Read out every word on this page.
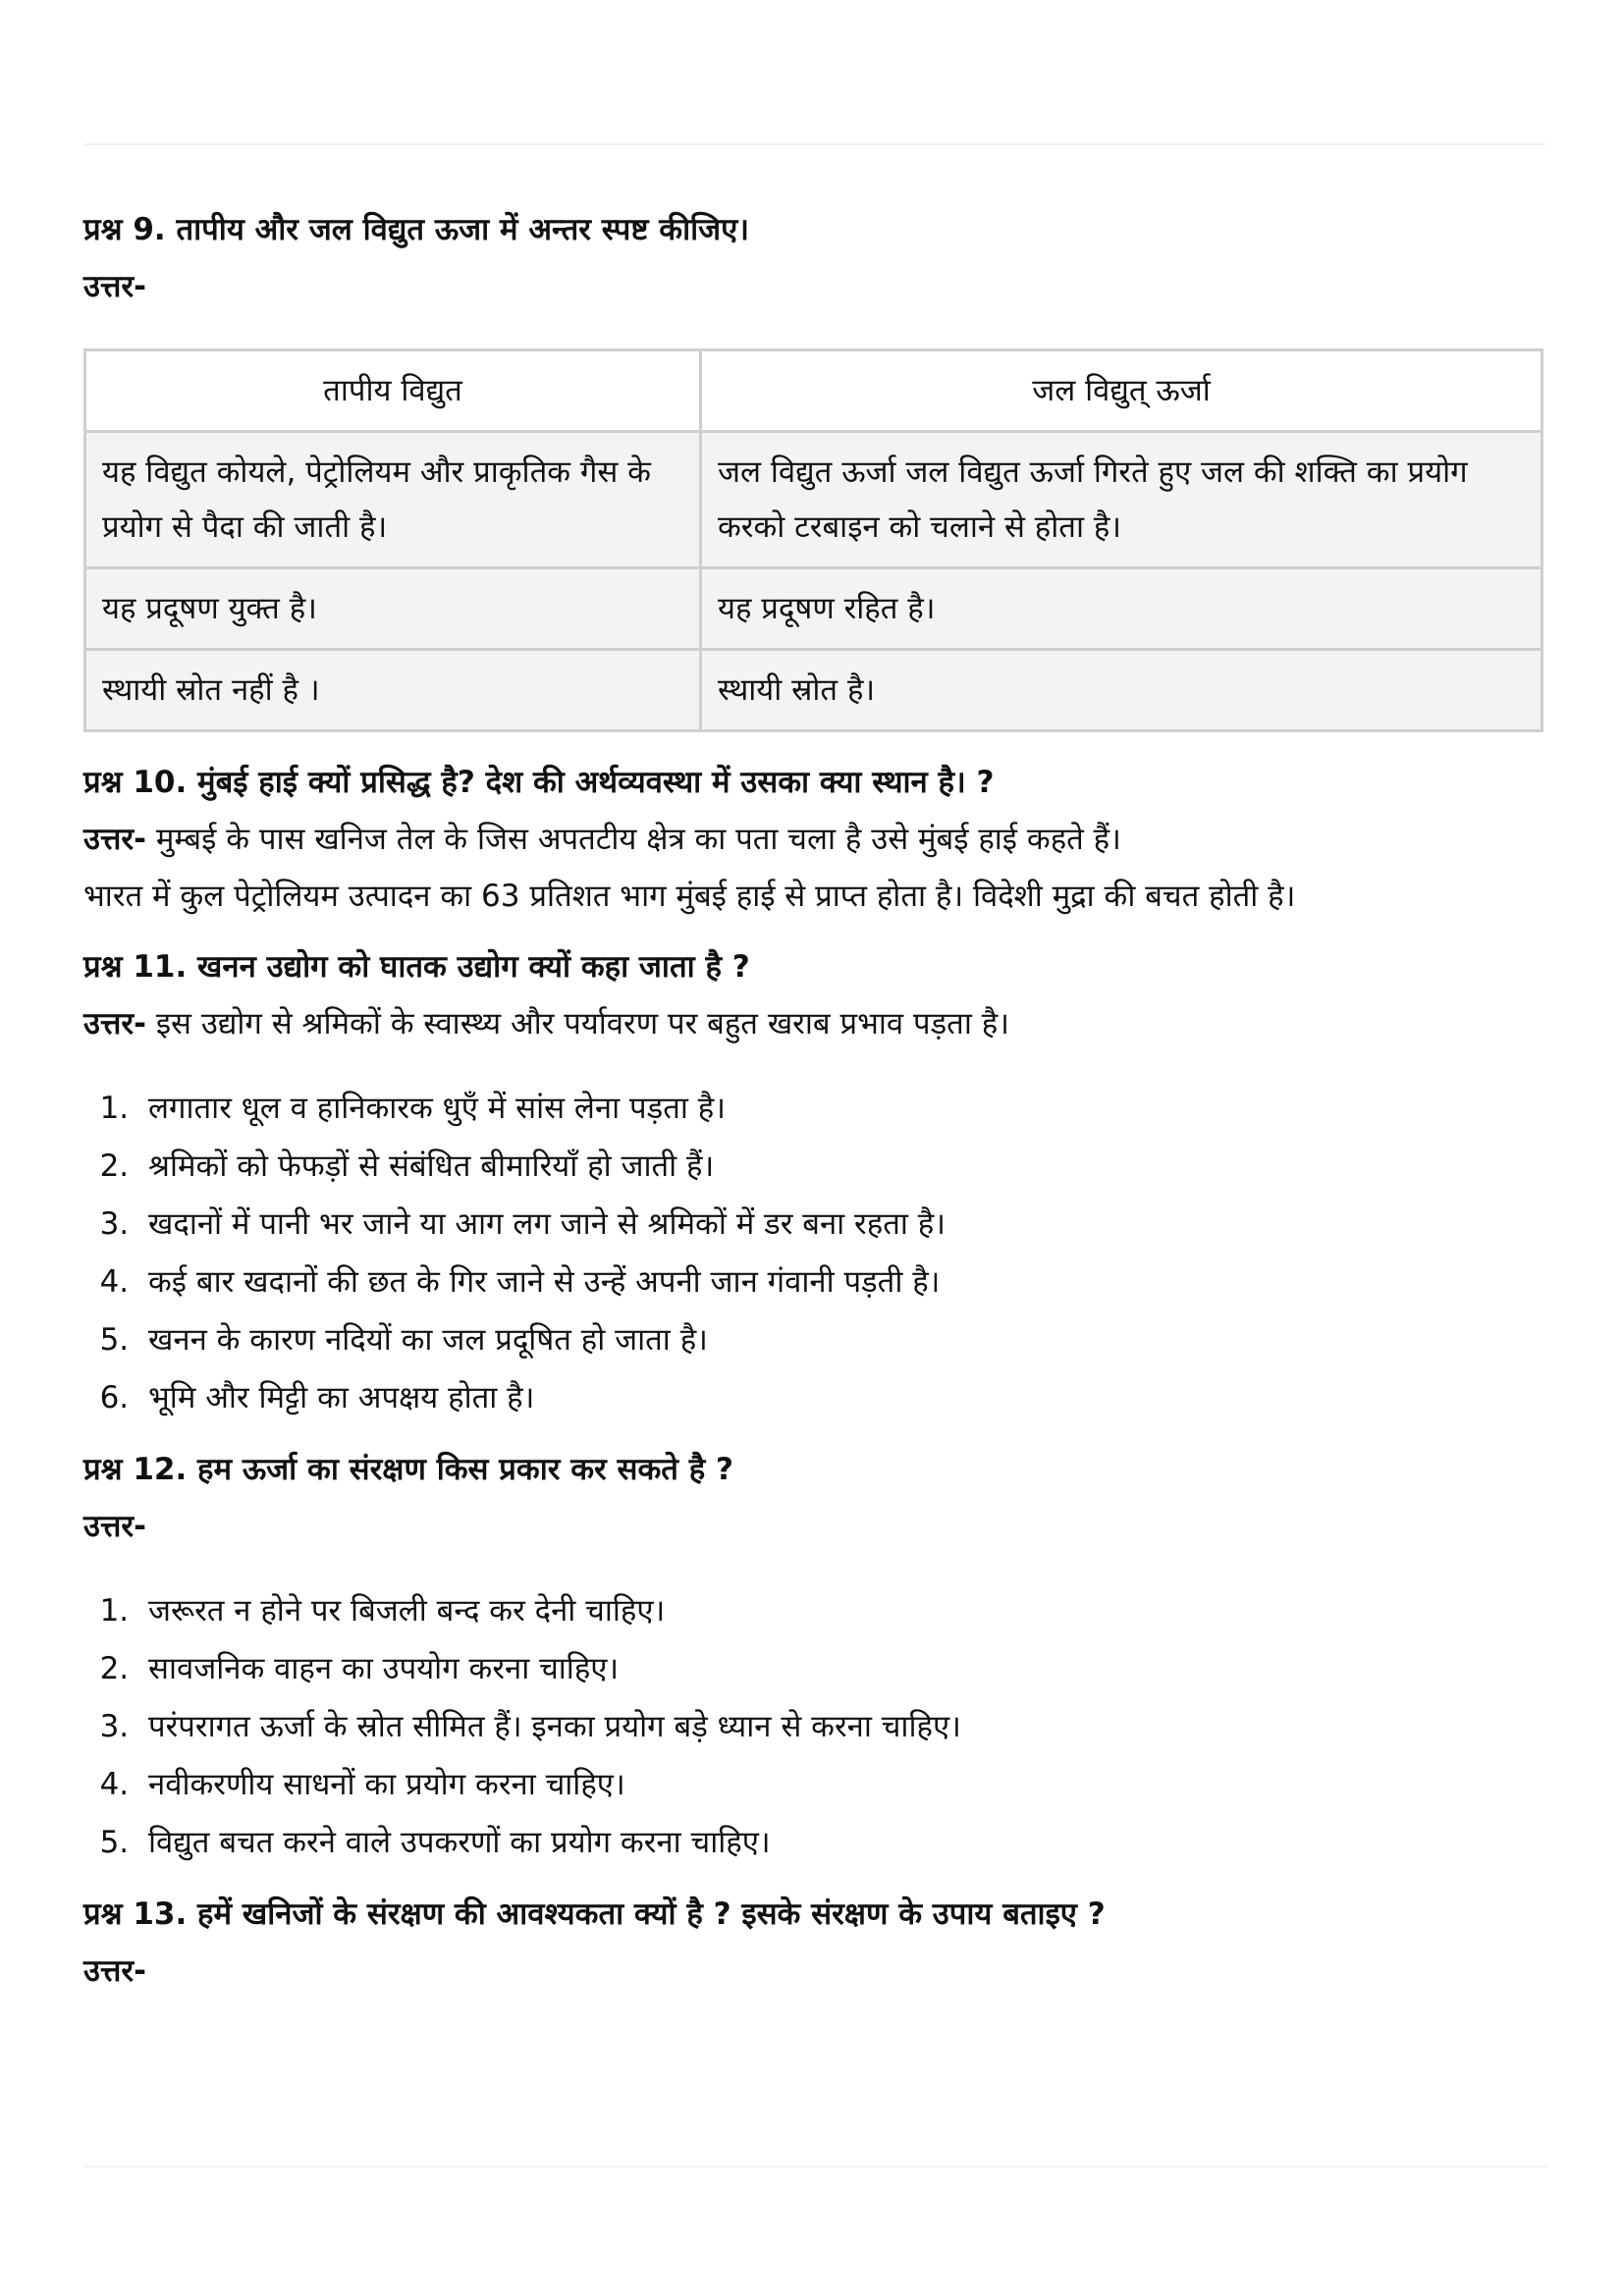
प्रश्न 9. तापीय और जल विद्युत ऊजा में अन्तर स्पष्ट कीजिए।

उत्तर-

तापीय विद्युत	जल विद्युत् ऊर्जा
यह विद्युत कोयले, पेट्रोलियम और प्राकृतिक गैस के प्रयोग से पैदा की जाती है।	जल विद्युत ऊर्जा जल विद्युत ऊर्जा गिरते हुए जल की शक्ति का प्रयोग करको टरबाइन को चलाने से होता है।
यह प्रदूषण युक्त है।	यह प्रदूषण रहित है।
स्थायी स्रोत नहीं है ।	स्थायी स्रोत है।

प्रश्न 10. मुंबई हाई क्यों प्रसिद्ध है? देश की अर्थव्यवस्था में उसका क्या स्थान है। ?

उत्तर- मुम्बई के पास खनिज तेल के जिस अपतटीय क्षेत्र का पता चला है उसे मुंबई हाई कहते हैं।

भारत में कुल पेट्रोलियम उत्पादन का 63 प्रतिशत भाग मुंबई हाई से प्राप्त होता है। विदेशी मुद्रा की बचत होती है।

प्रश्न 11. खनन उद्योग को घातक उद्योग क्यों कहा जाता है ?

उत्तर- इस उद्योग से श्रमिकों के स्वास्थ्य और पर्यावरण पर बहुत खराब प्रभाव पड़ता है।

1. लगातार धूल व हानिकारक धुएँ में सांस लेना पड़ता है।
2. श्रमिकों को फेफड़ों से संबंधित बीमारियाँ हो जाती हैं।
3. खदानों में पानी भर जाने या आग लग जाने से श्रमिकों में डर बना रहता है।
4. कई बार खदानों की छत के गिर जाने से उन्हें अपनी जान गंवानी पड़ती है।
5. खनन के कारण नदियों का जल प्रदूषित हो जाता है।
6. भूमि और मिट्टी का अपक्षय होता है।

प्रश्न 12. हम ऊर्जा का संरक्षण किस प्रकार कर सकते है ?

उत्तर-

1. जरूरत न होने पर बिजली बन्द कर देनी चाहिए।
2. सावजनिक वाहन का उपयोग करना चाहिए।
3. परंपरागत ऊर्जा के स्रोत सीमित हैं। इनका प्रयोग बड़े ध्यान से करना चाहिए।
4. नवीकरणीय साधनों का प्रयोग करना चाहिए।
5. विद्युत बचत करने वाले उपकरणों का प्रयोग करना चाहिए।

प्रश्न 13. हमें खनिजों के संरक्षण की आवश्यकता क्यों है ? इसके संरक्षण के उपाय बताइए ?

उत्तर-
